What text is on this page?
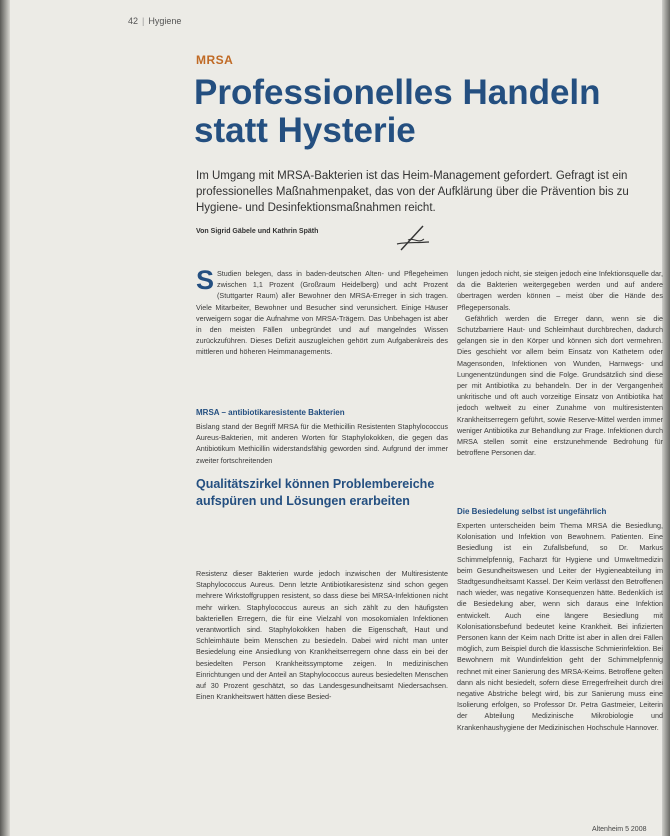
42 | Hygiene
MRSA
Professionelles Handeln statt Hysterie

Im Umgang mit MRSA-Bakterien ist das Heim-Management gefordert. Gefragt ist ein professionelles Maßnahmenpaket, das von der Aufklärung über die Prävention bis zu Hygiene- und Desinfektionsmaßnahmen reicht.

Von Sigrid Gäbele und Kathrin Späth
S Studien belegen, dass in baden-deutschen Alten- und Pflegeheimen zwischen 1,1 Prozent (Großraum Heidelberg) und acht Prozent (Stuttgarter Raum) aller Bewohner den MRSA-Erreger in sich tragen. Viele Mitarbeiter, Bewohner und Besucher sind verunsichert. Einige Häuser verweigern sogar die Aufnahme von MRSA-Trägern. Das Unbehagen ist aber in den meisten Fällen unbegründet und auf mangelndes Wissen zurückzuführen. Dieses Defizit auszugleichen gehört zum Aufgabenkreis des mittleren und höheren Heimmanagements.

MRSA – antibiotikaresistente Bakterien

Bislang stand der Begriff MRSA für die Methicillin Resistenten Staphylococcus Aureus-Bakterien, mit anderen Worten für Staphylokokken, die gegen das Antibiotikum Methicillin widerstandsfähig geworden sind. Aufgrund der immer zweiter fortschreitenden

Qualitätszirkel können Problembereiche aufspüren und Lösungen erarbeiten

Resistenz dieser Bakterien wurde jedoch inzwischen der Multiresistente Staphylococcus Aureus. Denn letzte Antibiotikaresistenz sind schon gegen mehrere Wirkstoffgruppen resistent, so dass diese bei MRSA-Infektionen nicht mehr wirken. Staphylococcus aureus an sich zählt zu den häufigsten bakteriellen Erregern, die für eine Vielzahl von mosokomialen Infektionen verantwortlich sind. Staphylokokken haben die Eigenschaft, Haut und Schleimhäute beim Menschen zu besiedeln. Dabei wird nicht man unter Besiedelung eine Ansiedlung von Krankheitserregern ohne dass ein bei der besiedelten Person Krankheitssymptome zeigen. In medizinischen Einrichtungen und der Anteil an Staphylococcus aureus besiedelten Menschen auf 30 Prozent geschätzt, so das Landesgesundheitsamt Niedersachsen. Einen Krankheitswert hätten diese Besied-

lungen jedoch nicht, sie steigen jedoch eine Infektionsquelle dar, da die Bakterien weitergegeben werden und auf andere übertragen werden können – meist über die Hände des Pflegepersonals.

Gefährlich werden die Erreger dann, wenn sie die Schutzbarriere Haut- und Schleimhaut durchbrechen, dadurch gelangen sie in den Körper und können sich dort vermehren. Dies geschieht vor allem beim Einsatz von Kathetern oder Magensonden, Infektionen von Wunden, Harnwegs- und Lungenentzündungen sind die Folge. Grundsätzlich sind diese per mit Antibiotika zu behandeln. Der in der Vergangenheit unkritische und oft auch vorzeitige Einsatz von Antibiotika hat jedoch weltweit zu einer Zunahme von multiresistenten Krankheitserregern geführt, sowie Reserve-Mittel werden immer weniger Antibiotika zur Behandlung zur Frage. Infektionen durch MRSA stellen somit eine erstzunehmende Bedrohung für betroffene Personen dar.

Die Besiedelung selbst ist ungefährlich

Experten unterscheiden beim Thema MRSA die Besiedlung, Kolonisation und Infektion von Bewohnern. Patienten. Eine Besiedlung ist ein Zufallsbefund, so Dr. Markus Schimmelpfennig, Facharzt für Hygiene und Umweltmedizin beim Gesundheitswesen und Leiter der Hygieneabteilung im Stadtgesundheitsamt Kassel. Der Keim verlässt den Betroffenen nach wieder, was negative Konsequenzen hätte. Bedenklich ist die Besiedelung aber, wenn sich daraus eine Infektion entwickelt. Auch eine längere Besiedlung mit Kolonisationsbefund bedeutet keine Krankheit. Bei infizierten Personen kann der Keim nach Dritte ist aber in allen drei Fällen möglich, zum Beispiel durch die klassische Schmierinfektion. Bei Bewohnern mit Wundinfektion geht der Schimmelpfennig rechnet mit einer Sanierung des MRSA-Keims. Betroffene gelten dann als nicht besiedelt, sofern diese Erregerfreiheit durch drei negative Abstriche belegt wird, bis zur Sanierung muss eine Isolierung erfolgen, so Professor Dr. Petra Gastmeier, Leiterin der Abteilung Medizinische Mikrobiologie und Krankenhaushygiene der Medizinischen Hochschule Hannover.

Altenheim 5 2008
